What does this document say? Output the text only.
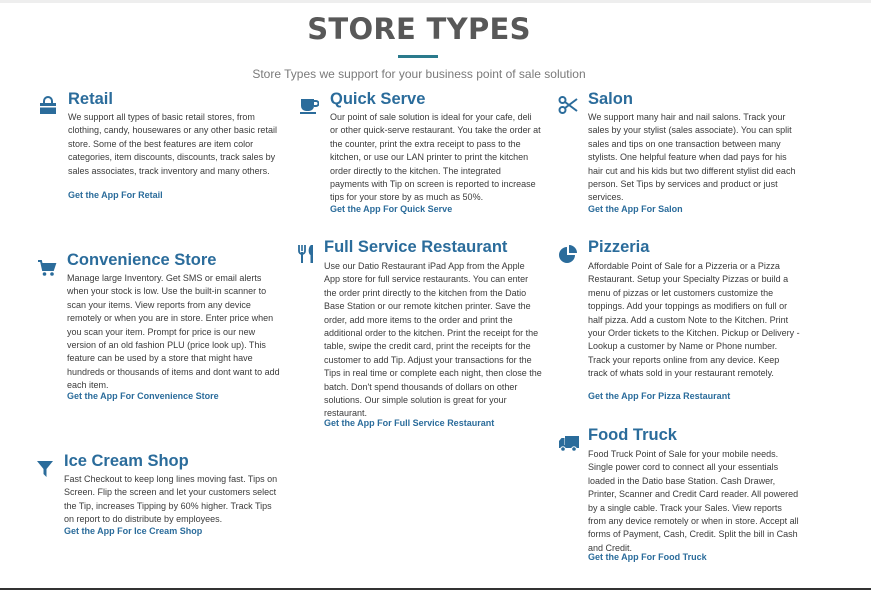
STORE TYPES
Store Types we support for your business point of sale solution
Retail

We support all types of basic retail stores, from clothing, candy, housewares or any other basic retail store. Some of the best features are item color categories, item discounts, discounts, track sales by sales associates, track inventory and many others.

Get the App For Retail
Quick Serve

Our point of sale solution is ideal for your cafe, deli or other quick-serve restaurant. You take the order at the counter, print the extra receipt to pass to the kitchen, or use our LAN printer to print the kitchen order directly to the kitchen. The integrated payments with Tip on screen is reported to increase tips for your store by as much as 50%.

Get the App For Quick Serve
Salon

We support many hair and nail salons. Track your sales by your stylist (sales associate). You can split sales and tips on one transaction between many stylists. One helpful feature when dad pays for his hair cut and his kids but two different stylist did each person. Set Tips by services and product or just services.

Get the App For Salon
Convenience Store

Manage large Inventory. Get SMS or email alerts when your stock is low. Use the built-in scanner to scan your items. View reports from any device remotely or when you are in store. Enter price when you scan your item. Prompt for price is our new version of an old fashion PLU (price look up). This feature can be used by a store that might have hundreds or thousands of items and dont want to add each item.

Get the App For Convenience Store
Full Service Restaurant

Use our Datio Restaurant iPad App from the Apple App store for full service restaurants. You can enter the order print directly to the kitchen from the Datio Base Station or our remote kitchen printer. Save the order, add more items to the order and print the additional order to the kitchen. Print the receipt for the table, swipe the credit card, print the receipts for the customer to add Tip. Adjust your transactions for the Tips in real time or complete each night, then close the batch. Don't spend thousands of dollars on other solutions. Our simple solution is great for your restaurant.

Get the App For Full Service Restaurant
Pizzeria

Affordable Point of Sale for a Pizzeria or a Pizza Restaurant. Setup your Specialty Pizzas or build a menu of pizzas or let customers customize the toppings. Add your toppings as modifiers on full or half pizza. Add a custom Note to the Kitchen. Print your Order tickets to the Kitchen. Pickup or Delivery - Lookup a customer by Name or Phone number. Track your reports online from any device. Keep track of whats sold in your restaurant remotely.

Get the App For Pizza Restaurant
Ice Cream Shop

Fast Checkout to keep long lines moving fast. Tips on Screen. Flip the screen and let your customers select the Tip, increases Tipping by 60% higher. Track Tips on report to do distribute by employees.

Get the App For Ice Cream Shop
Food Truck

Food Truck Point of Sale for your mobile needs. Single power cord to connect all your essentials loaded in the Datio base Station. Cash Drawer, Printer, Scanner and Credit Card reader. All powered by a single cable. Track your Sales. View reports from any device remotely or when in store. Accept all forms of Payment, Cash, Credit. Split the bill in Cash and Credit.

Get the App For Food Truck
